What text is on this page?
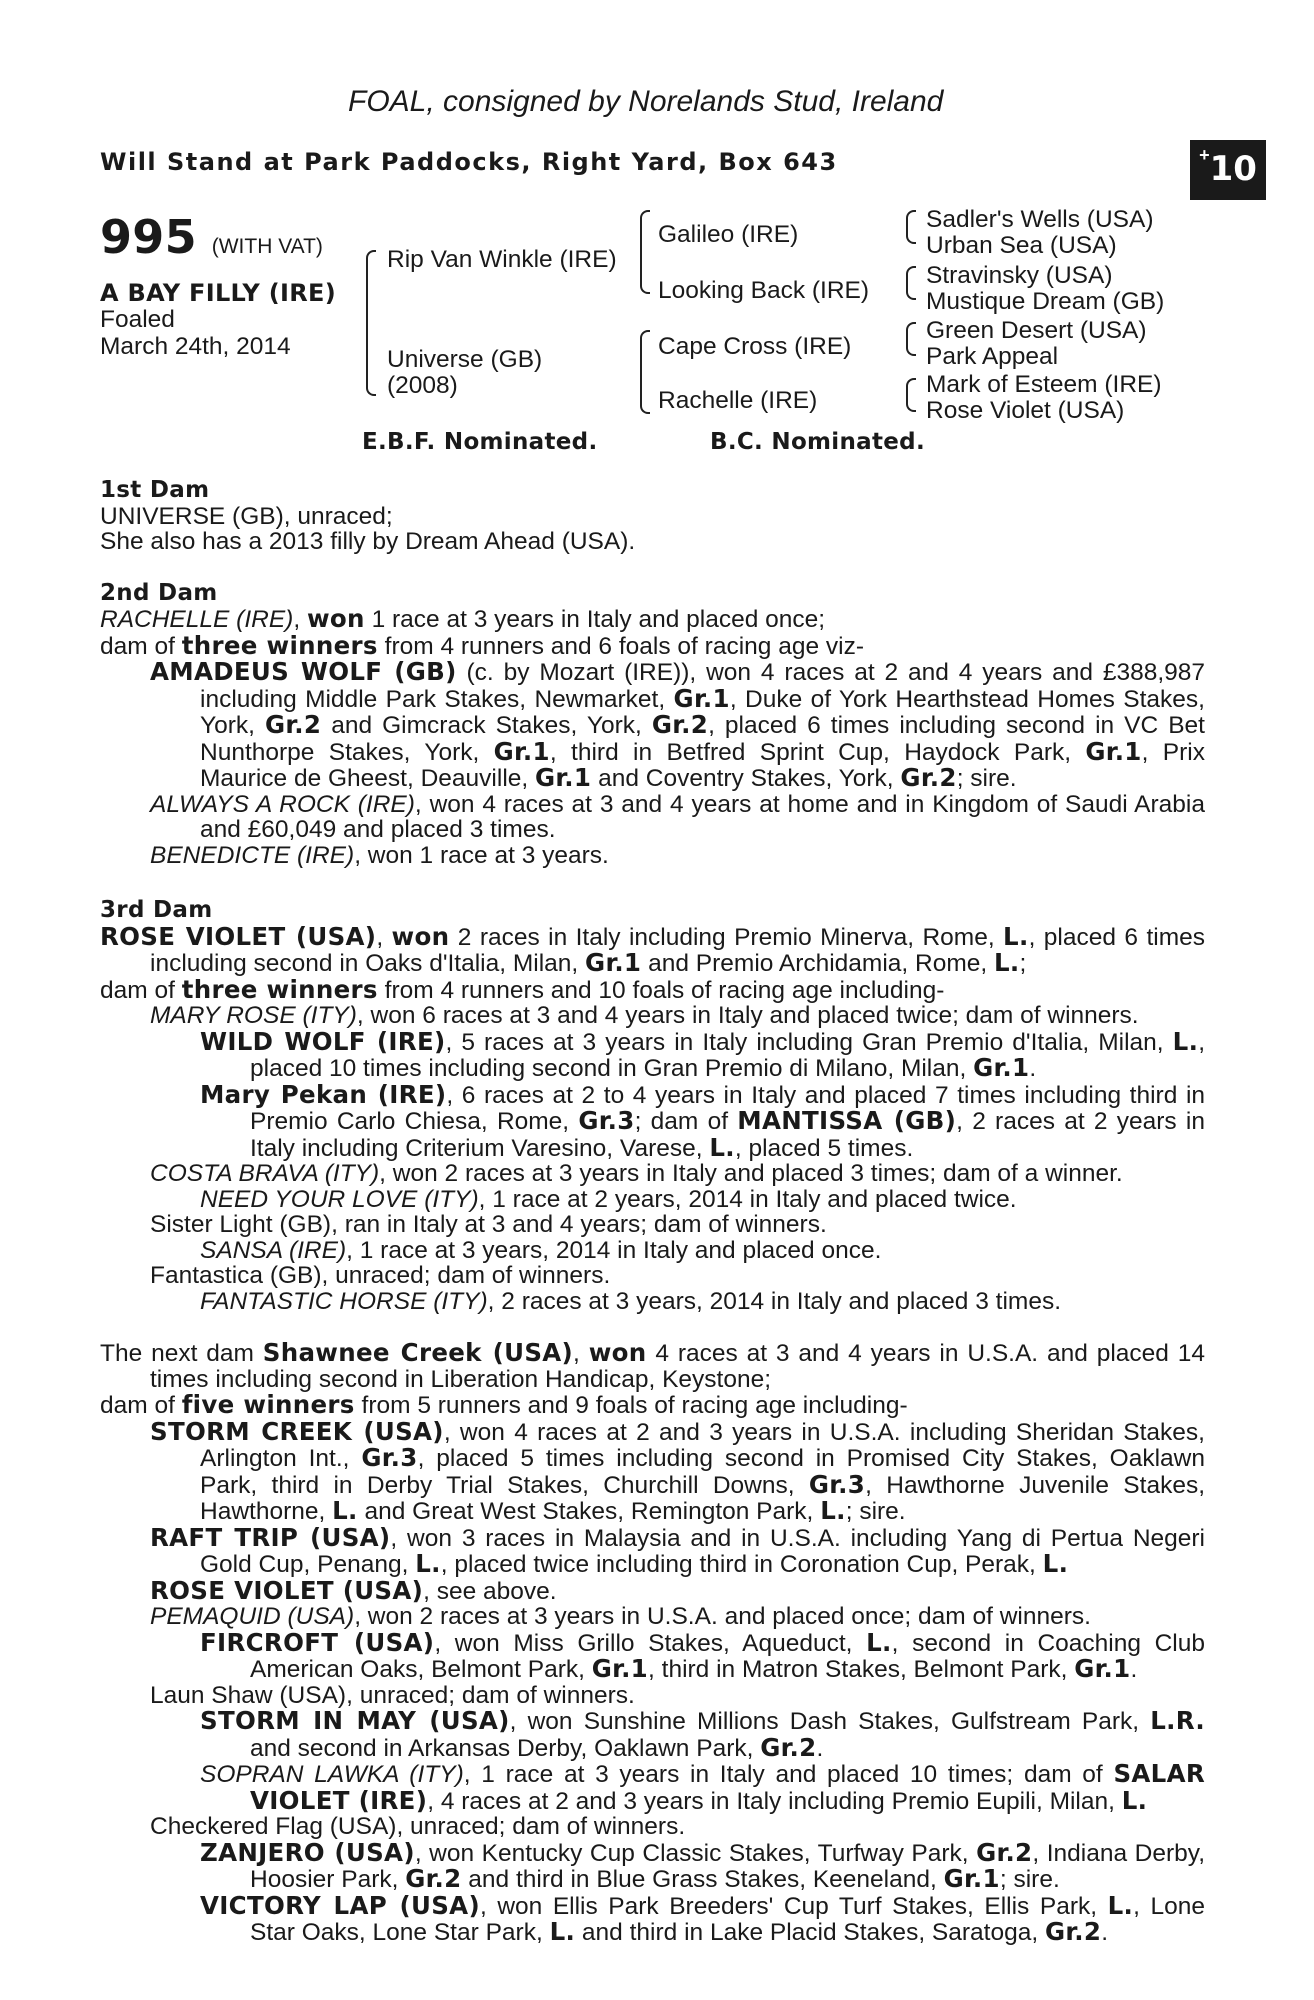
FOAL, consigned by Norelands Stud, Ireland
Will Stand at Park Paddocks, Right Yard, Box 643	+ 10
995 (WITH VAT)
A BAY FILLY (IRE)
Foaled
March 24th, 2014
Rip Van Winkle (IRE)
Universe (GB)
(2008)
Galileo (IRE)
Looking Back (IRE)
Cape Cross (IRE)
Rachelle (IRE)
Sadler's Wells (USA)
Urban Sea (USA)
Stravinsky (USA)
Mustique Dream (GB)
Green Desert (USA)
Park Appeal
Mark of Esteem (IRE)
Rose Violet (USA)
E.B.F. Nominated.	B.C. Nominated.
1st Dam
UNIVERSE (GB), unraced;
She also has a 2013 filly by Dream Ahead (USA).
2nd Dam
RACHELLE (IRE), won 1 race at 3 years in Italy and placed once;
dam of three winners from 4 runners and 6 foals of racing age viz-
AMADEUS WOLF (GB) (c. by Mozart (IRE)), won 4 races at 2 and 4 years and £388,987 including Middle Park Stakes, Newmarket, Gr.1, Duke of York Hearthstead Homes Stakes, York, Gr.2 and Gimcrack Stakes, York, Gr.2, placed 6 times including second in VC Bet Nunthorpe Stakes, York, Gr.1, third in Betfred Sprint Cup, Haydock Park, Gr.1, Prix Maurice de Gheest, Deauville, Gr.1 and Coventry Stakes, York, Gr.2; sire.
ALWAYS A ROCK (IRE), won 4 races at 3 and 4 years at home and in Kingdom of Saudi Arabia and £60,049 and placed 3 times.
BENEDICTE (IRE), won 1 race at 3 years.
3rd Dam
ROSE VIOLET (USA), won 2 races in Italy including Premio Minerva, Rome, L., placed 6 times including second in Oaks d'Italia, Milan, Gr.1 and Premio Archidamia, Rome, L.;
dam of three winners from 4 runners and 10 foals of racing age including-
MARY ROSE (ITY), won 6 races at 3 and 4 years in Italy and placed twice; dam of winners.
WILD WOLF (IRE), 5 races at 3 years in Italy including Gran Premio d'Italia, Milan, L., placed 10 times including second in Gran Premio di Milano, Milan, Gr.1.
Mary Pekan (IRE), 6 races at 2 to 4 years in Italy and placed 7 times including third in Premio Carlo Chiesa, Rome, Gr.3; dam of MANTISSA (GB), 2 races at 2 years in Italy including Criterium Varesino, Varese, L., placed 5 times.
COSTA BRAVA (ITY), won 2 races at 3 years in Italy and placed 3 times; dam of a winner.
NEED YOUR LOVE (ITY), 1 race at 2 years, 2014 in Italy and placed twice.
Sister Light (GB), ran in Italy at 3 and 4 years; dam of winners.
SANSA (IRE), 1 race at 3 years, 2014 in Italy and placed once.
Fantastica (GB), unraced; dam of winners.
FANTASTIC HORSE (ITY), 2 races at 3 years, 2014 in Italy and placed 3 times.
The next dam Shawnee Creek (USA), won 4 races at 3 and 4 years in U.S.A. and placed 14 times including second in Liberation Handicap, Keystone;
dam of five winners from 5 runners and 9 foals of racing age including-
STORM CREEK (USA), won 4 races at 2 and 3 years in U.S.A. including Sheridan Stakes, Arlington Int., Gr.3, placed 5 times including second in Promised City Stakes, Oaklawn Park, third in Derby Trial Stakes, Churchill Downs, Gr.3, Hawthorne Juvenile Stakes, Hawthorne, L. and Great West Stakes, Remington Park, L.; sire.
RAFT TRIP (USA), won 3 races in Malaysia and in U.S.A. including Yang di Pertua Negeri Gold Cup, Penang, L., placed twice including third in Coronation Cup, Perak, L.
ROSE VIOLET (USA), see above.
PEMAQUID (USA), won 2 races at 3 years in U.S.A. and placed once; dam of winners.
FIRCROFT (USA), won Miss Grillo Stakes, Aqueduct, L., second in Coaching Club American Oaks, Belmont Park, Gr.1, third in Matron Stakes, Belmont Park, Gr.1.
Laun Shaw (USA), unraced; dam of winners.
STORM IN MAY (USA), won Sunshine Millions Dash Stakes, Gulfstream Park, L.R. and second in Arkansas Derby, Oaklawn Park, Gr.2.
SOPRAN LAWKA (ITY), 1 race at 3 years in Italy and placed 10 times; dam of SALAR VIOLET (IRE), 4 races at 2 and 3 years in Italy including Premio Eupili, Milan, L.
Checkered Flag (USA), unraced; dam of winners.
ZANJERO (USA), won Kentucky Cup Classic Stakes, Turfway Park, Gr.2, Indiana Derby, Hoosier Park, Gr.2 and third in Blue Grass Stakes, Keeneland, Gr.1; sire.
VICTORY LAP (USA), won Ellis Park Breeders' Cup Turf Stakes, Ellis Park, L., Lone Star Oaks, Lone Star Park, L. and third in Lake Placid Stakes, Saratoga, Gr.2.
